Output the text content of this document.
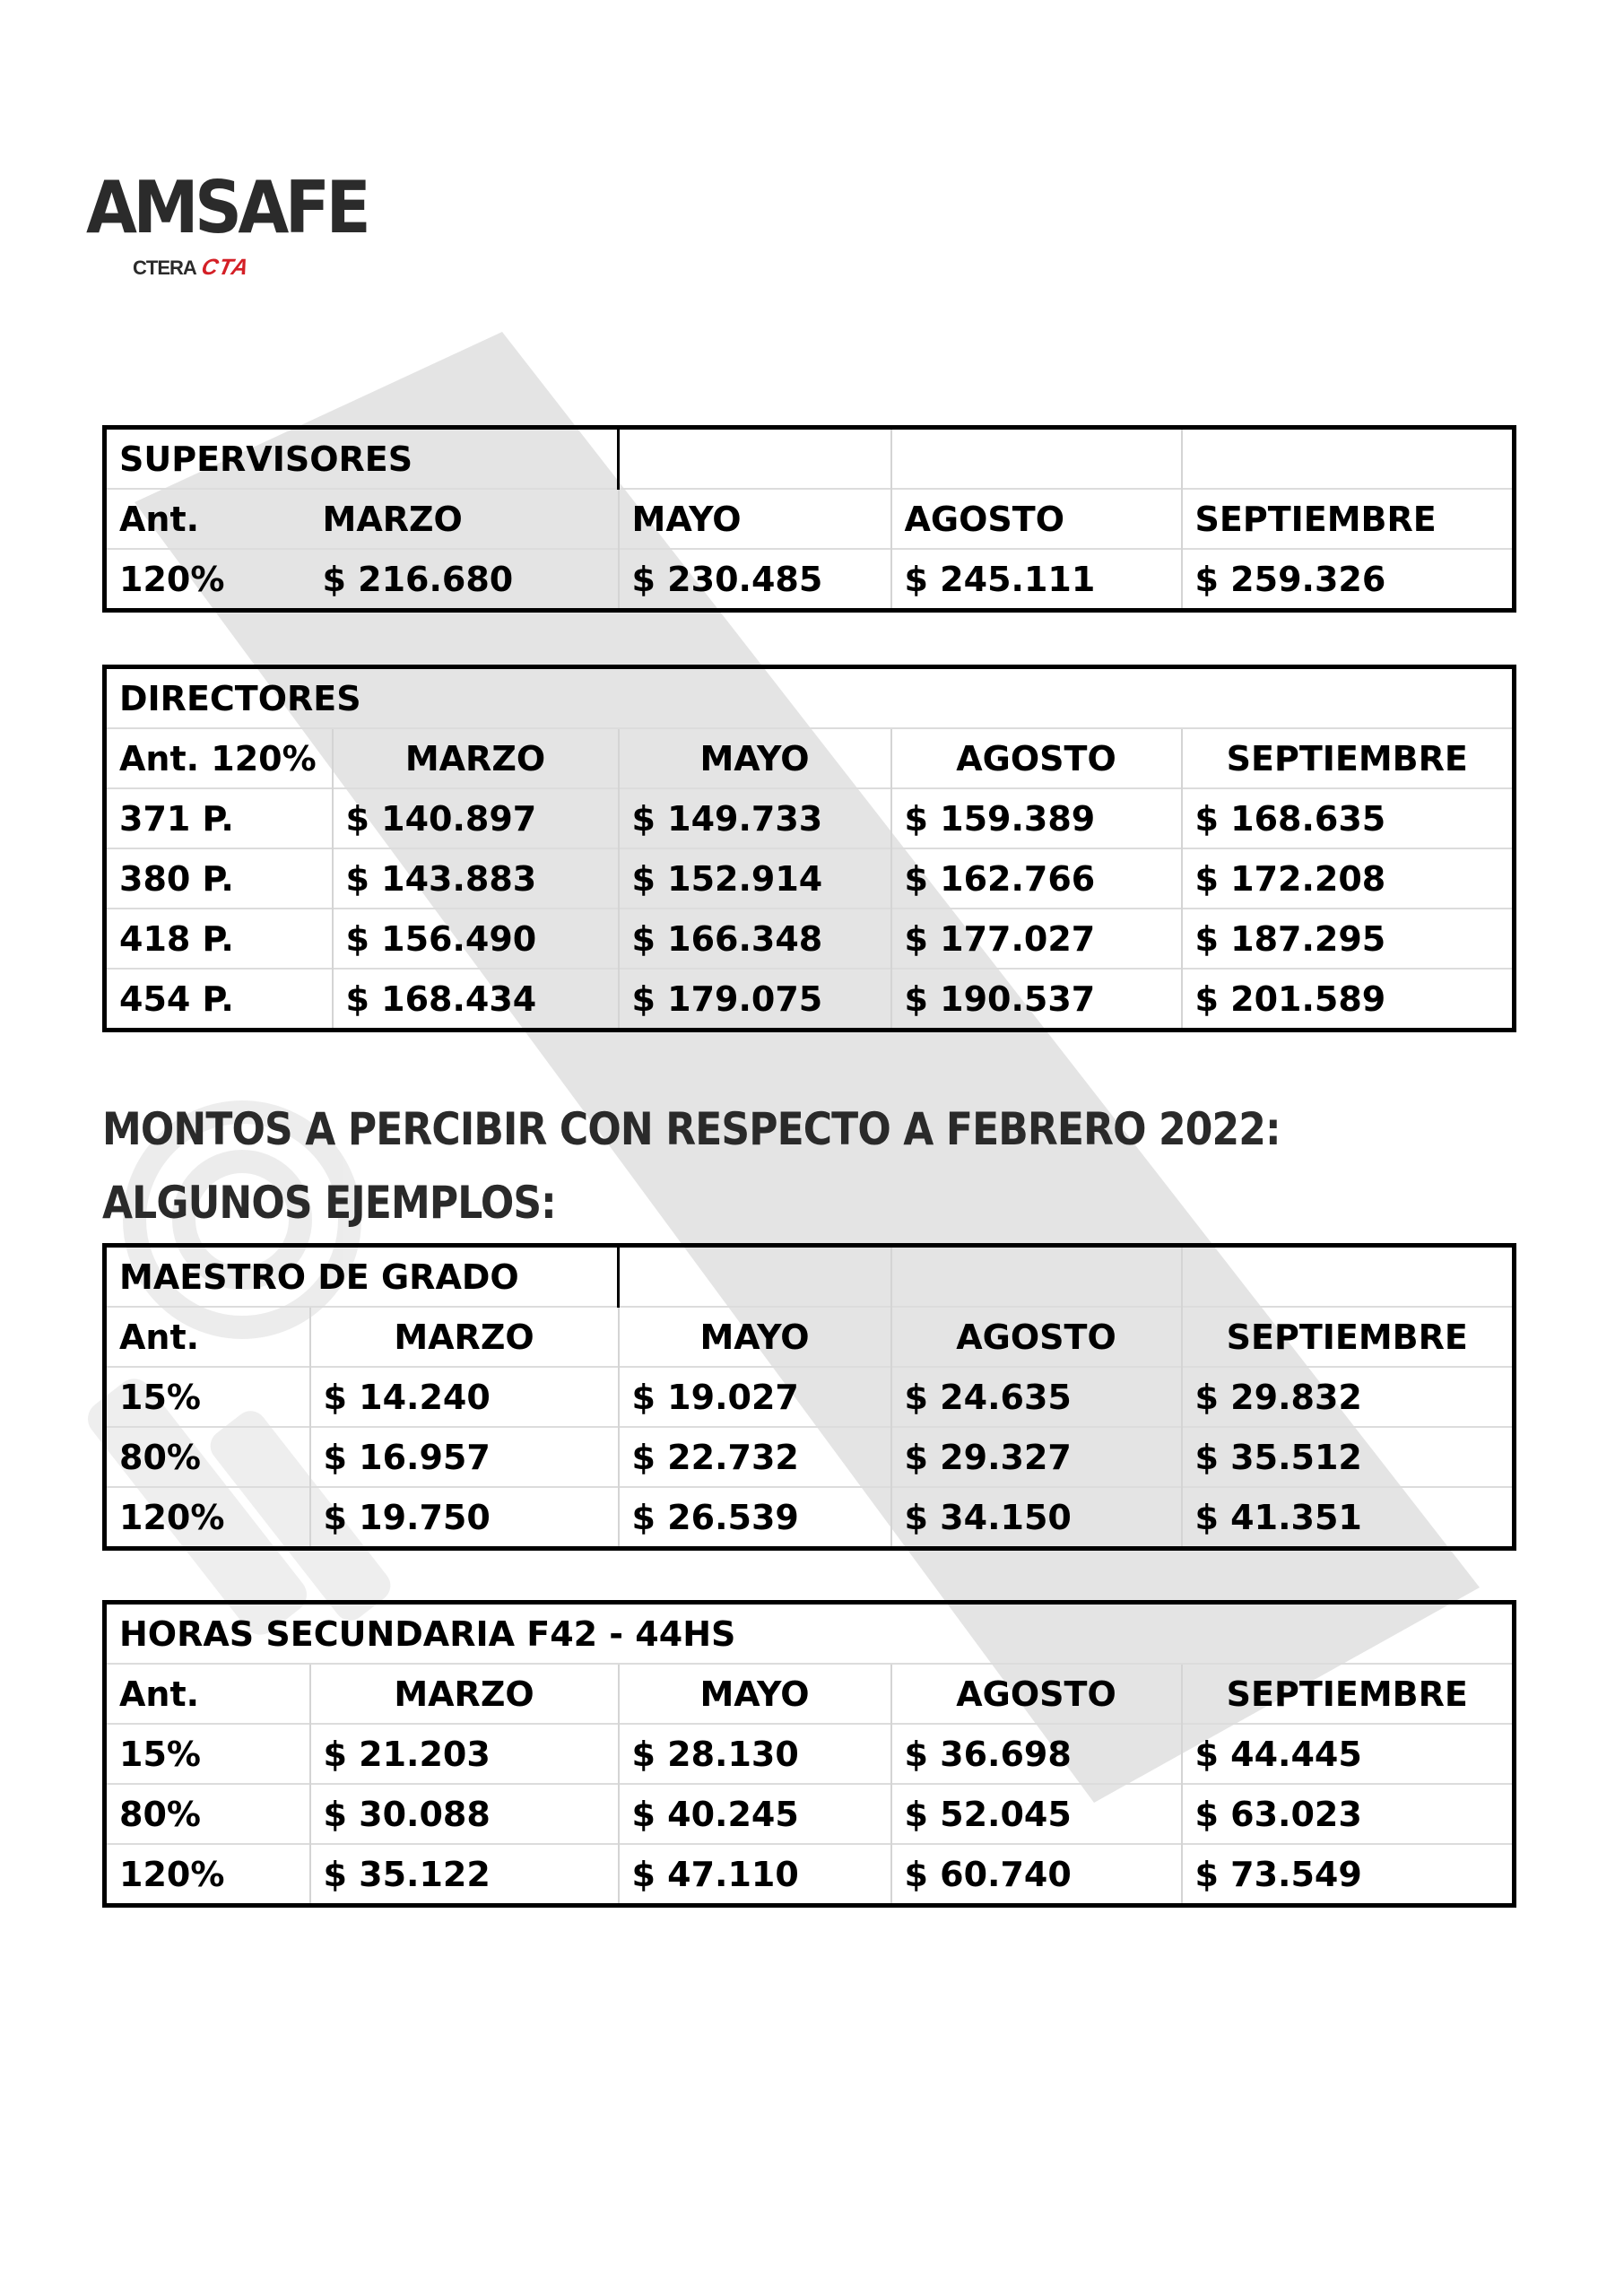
AMSAFE
CTERA CTA
SUPERVISORES				
Ant.	MARZO	MAYO	AGOSTO	SEPTIEMBRE
120%	$ 216.680	$ 230.485	$ 245.111	$ 259.326
DIRECTORES				
Ant. 120%	MARZO	MAYO	AGOSTO	SEPTIEMBRE
371 P.	$ 140.897	$ 149.733	$ 159.389	$ 168.635
380 P.	$ 143.883	$ 152.914	$ 162.766	$ 172.208
418 P.	$ 156.490	$ 166.348	$ 177.027	$ 187.295
454 P.	$ 168.434	$ 179.075	$ 190.537	$ 201.589
MONTOS A PERCIBIR CON RESPECTO A FEBRERO 2022:
ALGUNOS EJEMPLOS:
MAESTRO DE GRADO				
Ant.	MARZO	MAYO	AGOSTO	SEPTIEMBRE
15%	$ 14.240	$ 19.027	$ 24.635	$ 29.832
80%	$ 16.957	$ 22.732	$ 29.327	$ 35.512
120%	$ 19.750	$ 26.539	$ 34.150	$ 41.351
HORAS SECUNDARIA F42 - 44HS				
Ant.	MARZO	MAYO	AGOSTO	SEPTIEMBRE
15%	$ 21.203	$ 28.130	$ 36.698	$ 44.445
80%	$ 30.088	$ 40.245	$ 52.045	$ 63.023
120%	$ 35.122	$ 47.110	$ 60.740	$ 73.549
